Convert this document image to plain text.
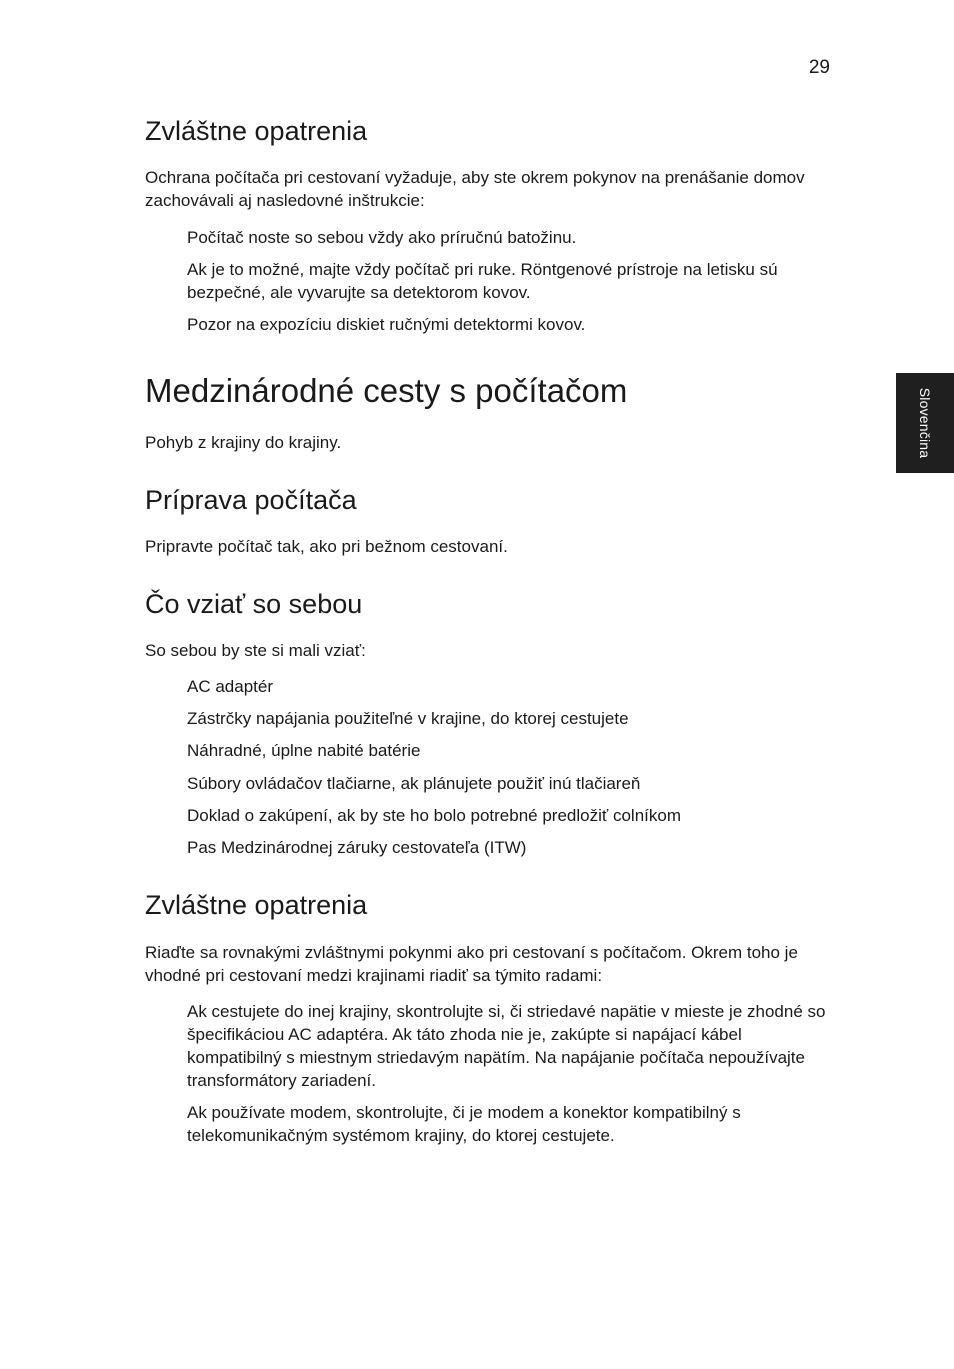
29
Slovenčina
Zvláštne opatrenia

Ochrana počítača pri cestovaní vyžaduje, aby ste okrem pokynov na prenášanie domov zachovávali aj nasledovné inštrukcie:

Počítač noste so sebou vždy ako príručnú batožinu.

Ak je to možné, majte vždy počítač pri ruke. Röntgenové prístroje na letisku sú bezpečné, ale vyvarujte sa detektorom kovov.

Pozor na expozíciu diskiet ručnými detektormi kovov.

Medzinárodné cesty s počítačom

Pohyb z krajiny do krajiny.

Príprava počítača

Pripravte počítač tak, ako pri bežnom cestovaní.

Čo vziať so sebou

So sebou by ste si mali vziať:

AC adaptér

Zástrčky napájania použiteľné v krajine, do ktorej cestujete

Náhradné, úplne nabité batérie

Súbory ovládačov tlačiarne, ak plánujete použiť inú tlačiareň

Doklad o zakúpení, ak by ste ho bolo potrebné predložiť colníkom

Pas Medzinárodnej záruky cestovateľa (ITW)

Zvláštne opatrenia

Riaďte sa rovnakými zvláštnymi pokynmi ako pri cestovaní s počítačom. Okrem toho je vhodné pri cestovaní medzi krajinami riadiť sa týmito radami:

Ak cestujete do inej krajiny, skontrolujte si, či striedavé napätie v mieste je zhodné so špecifikáciou AC adaptéra. Ak táto zhoda nie je, zakúpte si napájací kábel kompatibilný s miestnym striedavým napätím. Na napájanie počítača nepoužívajte transformátory zariadení.

Ak používate modem, skontrolujte, či je modem a konektor kompatibilný s telekomunikačným systémom krajiny, do ktorej cestujete.
